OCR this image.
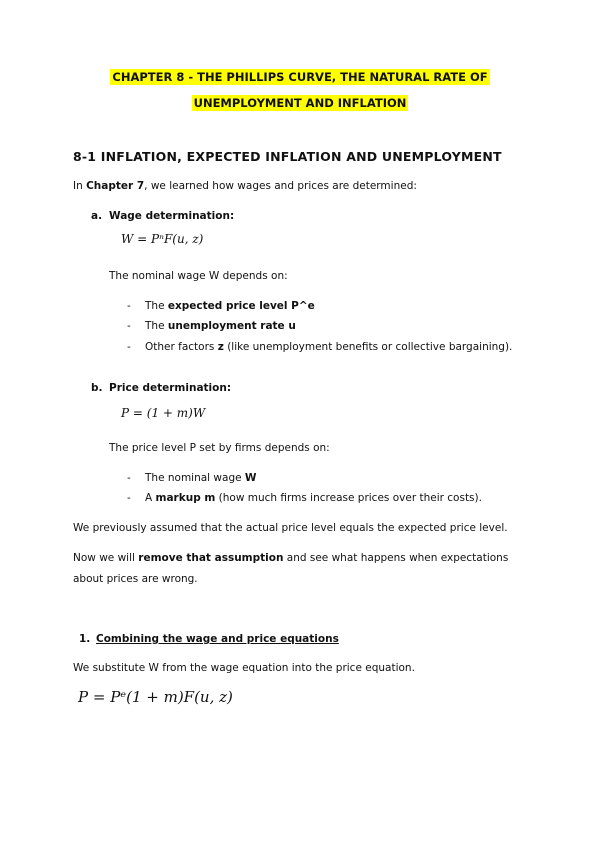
CHAPTER 8 - THE PHILLIPS CURVE, THE NATURAL RATE OF
UNEMPLOYMENT AND INFLATION
8-1 INFLATION, EXPECTED INFLATION AND UNEMPLOYMENT
In Chapter 7, we learned how wages and prices are determined:
a. Wage determination:
W = PⁿF(u, z)
The nominal wage W depends on:
- The expected price level P^e
- The unemployment rate u
- Other factors z (like unemployment benefits or collective bargaining).
b. Price determination:
P = (1 + m)W
The price level P set by firms depends on:
- The nominal wage W
- A markup m (how much firms increase prices over their costs).
We previously assumed that the actual price level equals the expected price level.
Now we will remove that assumption and see what happens when expectations
about prices are wrong.
1. Combining the wage and price equations
We substitute W from the wage equation into the price equation.
P = Pᵉ(1 + m)F(u, z)
